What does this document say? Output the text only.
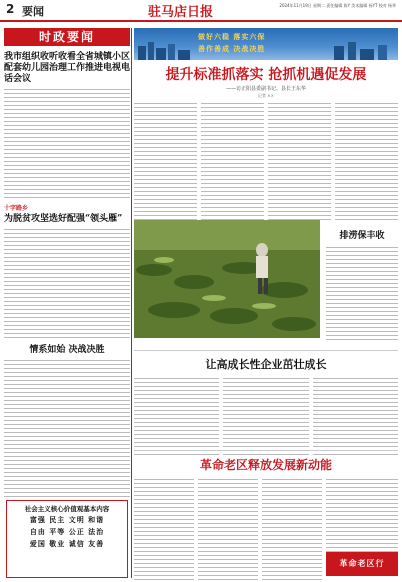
2 要闻	驻马店日报	2024年11月19日 星期二 责任编辑 陈Y 美术编辑 杨YT 校对 杨华
时政要闻
我市组织收听收看全省城镇小区配套幼儿园治理工作推进电视电话会议
十字路乡
为脱贫攻坚选好配强“领头雁”
情系如始 决战决胜
社会主义核心价值观基本内容
富强 民主 文明 和谐
自由 平等 公正 法治
爱国 敬业 诚信 友善
做好六稳 落实六保
善作善成 决战决胜
提升标准抓落实 抢抓机遇促发展
——访正阳县委副书记、县长王东华
记者 ××
排涝保丰收
让高成长性企业茁壮成长
革命老区释放发展新动能
革命老区行
